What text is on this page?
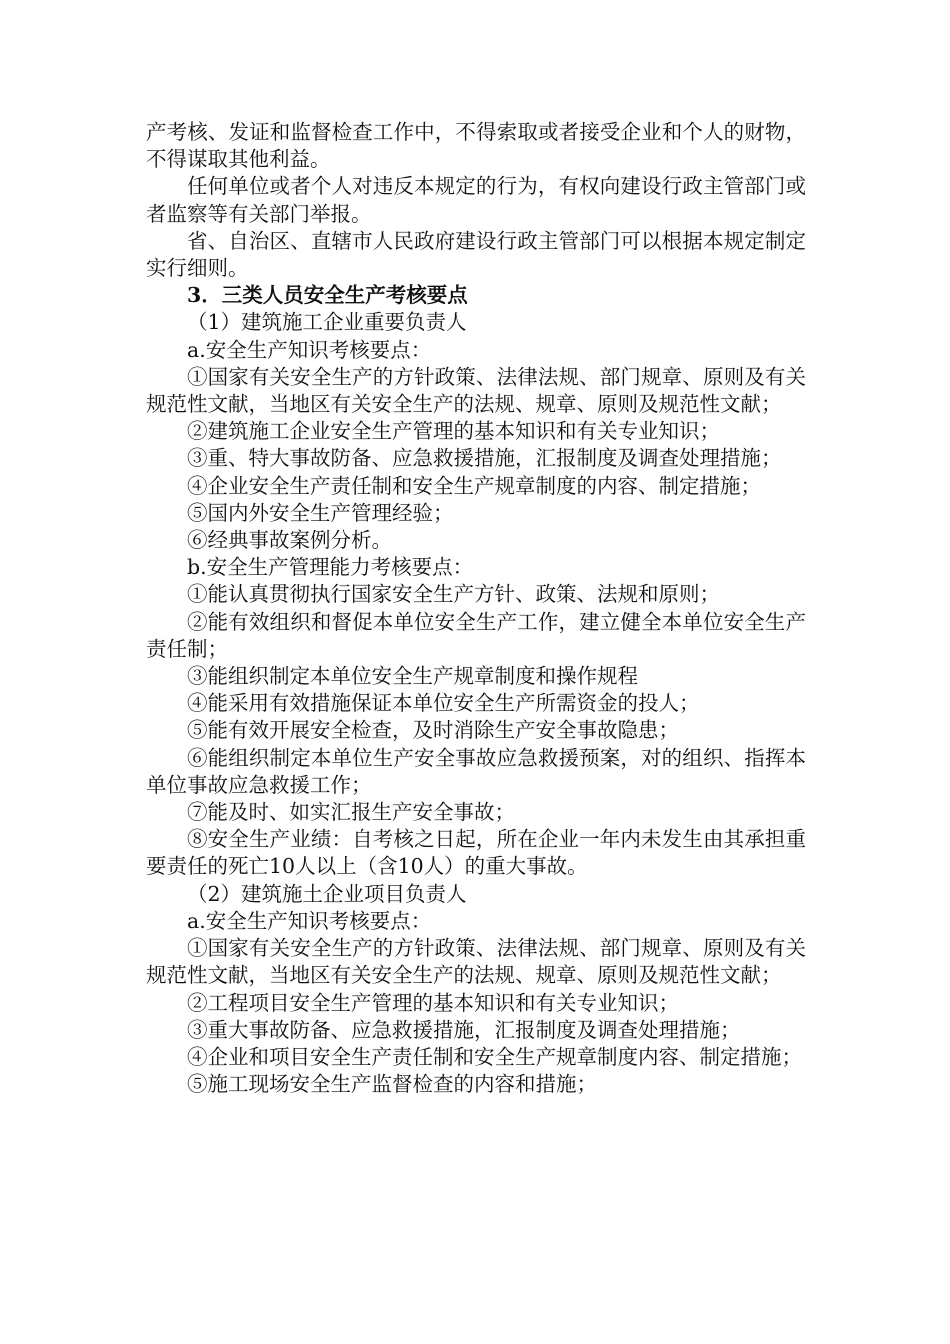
产考核、发证和监督检查工作中，不得索取或者接受企业和个人的财物，不得谋取其他利益。

任何单位或者个人对违反本规定的行为，有权向建设行政主管部门或者监察等有关部门举报。

省、自治区、直辖市人民政府建设行政主管部门可以根据本规定制定实行细则。

3．三类人员安全生产考核要点

（1）建筑施工企业重要负责人

a.安全生产知识考核要点：

①国家有关安全生产的方针政策、法律法规、部门规章、原则及有关规范性文献，当地区有关安全生产的法规、规章、原则及规范性文献；

②建筑施工企业安全生产管理的基本知识和有关专业知识；

③重、特大事故防备、应急救援措施，汇报制度及调查处理措施；

④企业安全生产责任制和安全生产规章制度的内容、制定措施；

⑤国内外安全生产管理经验；

⑥经典事故案例分析。

b.安全生产管理能力考核要点：

①能认真贯彻执行国家安全生产方针、政策、法规和原则；

②能有效组织和督促本单位安全生产工作，建立健全本单位安全生产责任制；

③能组织制定本单位安全生产规章制度和操作规程

④能采用有效措施保证本单位安全生产所需资金的投人；

⑤能有效开展安全检查，及时消除生产安全事故隐患；

⑥能组织制定本单位生产安全事故应急救援预案，对的组织、指挥本单位事故应急救援工作；

⑦能及时、如实汇报生产安全事故；

⑧安全生产业绩：自考核之日起，所在企业一年内未发生由其承担重要责任的死亡10人以上（含10人）的重大事故。

（2）建筑施土企业项目负责人

a.安全生产知识考核要点：

①国家有关安全生产的方针政策、法律法规、部门规章、原则及有关规范性文献，当地区有关安全生产的法规、规章、原则及规范性文献；

②工程项目安全生产管理的基本知识和有关专业知识；

③重大事故防备、应急救援措施，汇报制度及调查处理措施；

④企业和项目安全生产责任制和安全生产规章制度内容、制定措施；

⑤施工现场安全生产监督检查的内容和措施；
